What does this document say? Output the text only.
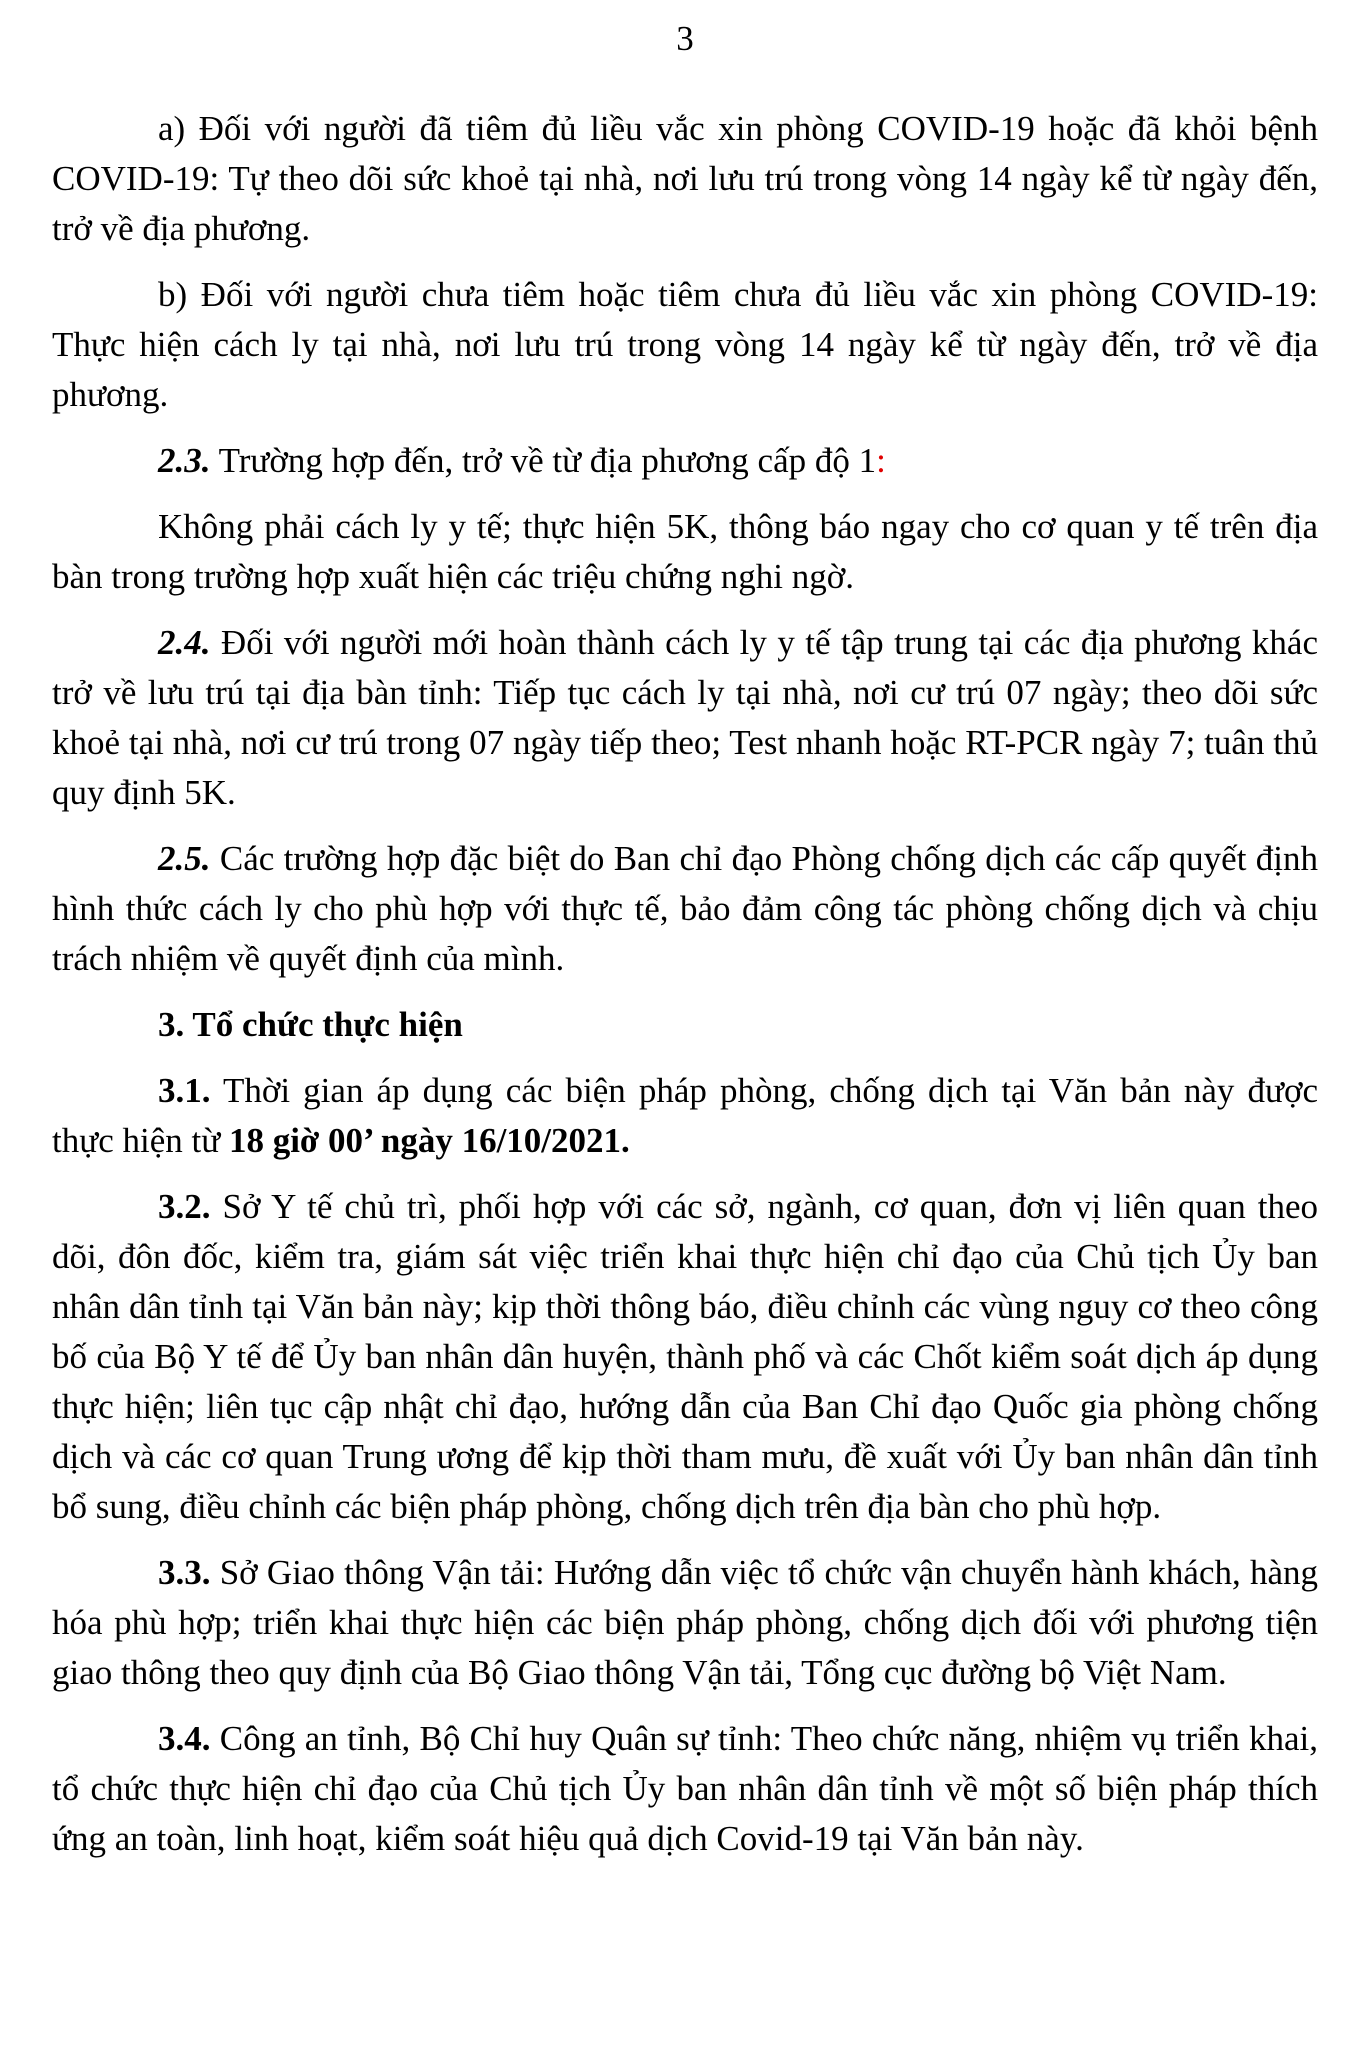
3

a) Đối với người đã tiêm đủ liều vắc xin phòng COVID-19 hoặc đã khỏi bệnh COVID-19: Tự theo dõi sức khoẻ tại nhà, nơi lưu trú trong vòng 14 ngày kể từ ngày đến, trở về địa phương.

b) Đối với người chưa tiêm hoặc tiêm chưa đủ liều vắc xin phòng COVID-19: Thực hiện cách ly tại nhà, nơi lưu trú trong vòng 14 ngày kể từ ngày đến, trở về địa phương.

2.3. Trường hợp đến, trở về từ địa phương cấp độ 1:

Không phải cách ly y tế; thực hiện 5K, thông báo ngay cho cơ quan y tế trên địa bàn trong trường hợp xuất hiện các triệu chứng nghi ngờ.

2.4. Đối với người mới hoàn thành cách ly y tế tập trung tại các địa phương khác trở về lưu trú tại địa bàn tỉnh: Tiếp tục cách ly tại nhà, nơi cư trú 07 ngày; theo dõi sức khoẻ tại nhà, nơi cư trú trong 07 ngày tiếp theo; Test nhanh hoặc RT-PCR ngày 7; tuân thủ quy định 5K.

2.5. Các trường hợp đặc biệt do Ban chỉ đạo Phòng chống dịch các cấp quyết định hình thức cách ly cho phù hợp với thực tế, bảo đảm công tác phòng chống dịch và chịu trách nhiệm về quyết định của mình.

3. Tổ chức thực hiện

3.1. Thời gian áp dụng các biện pháp phòng, chống dịch tại Văn bản này được thực hiện từ 18 giờ 00’ ngày 16/10/2021.

3.2. Sở Y tế chủ trì, phối hợp với các sở, ngành, cơ quan, đơn vị liên quan theo dõi, đôn đốc, kiểm tra, giám sát việc triển khai thực hiện chỉ đạo của Chủ tịch Ủy ban nhân dân tỉnh tại Văn bản này; kịp thời thông báo, điều chỉnh các vùng nguy cơ theo công bố của Bộ Y tế để Ủy ban nhân dân huyện, thành phố và các Chốt kiểm soát dịch áp dụng thực hiện; liên tục cập nhật chỉ đạo, hướng dẫn của Ban Chỉ đạo Quốc gia phòng chống dịch và các cơ quan Trung ương để kịp thời tham mưu, đề xuất với Ủy ban nhân dân tỉnh bổ sung, điều chỉnh các biện pháp phòng, chống dịch trên địa bàn cho phù hợp.

3.3. Sở Giao thông Vận tải: Hướng dẫn việc tổ chức vận chuyển hành khách, hàng hóa phù hợp; triển khai thực hiện các biện pháp phòng, chống dịch đối với phương tiện giao thông theo quy định của Bộ Giao thông Vận tải, Tổng cục đường bộ Việt Nam.

3.4. Công an tỉnh, Bộ Chỉ huy Quân sự tỉnh: Theo chức năng, nhiệm vụ triển khai, tổ chức thực hiện chỉ đạo của Chủ tịch Ủy ban nhân dân tỉnh về một số biện pháp thích ứng an toàn, linh hoạt, kiểm soát hiệu quả dịch Covid-19 tại Văn bản này.
